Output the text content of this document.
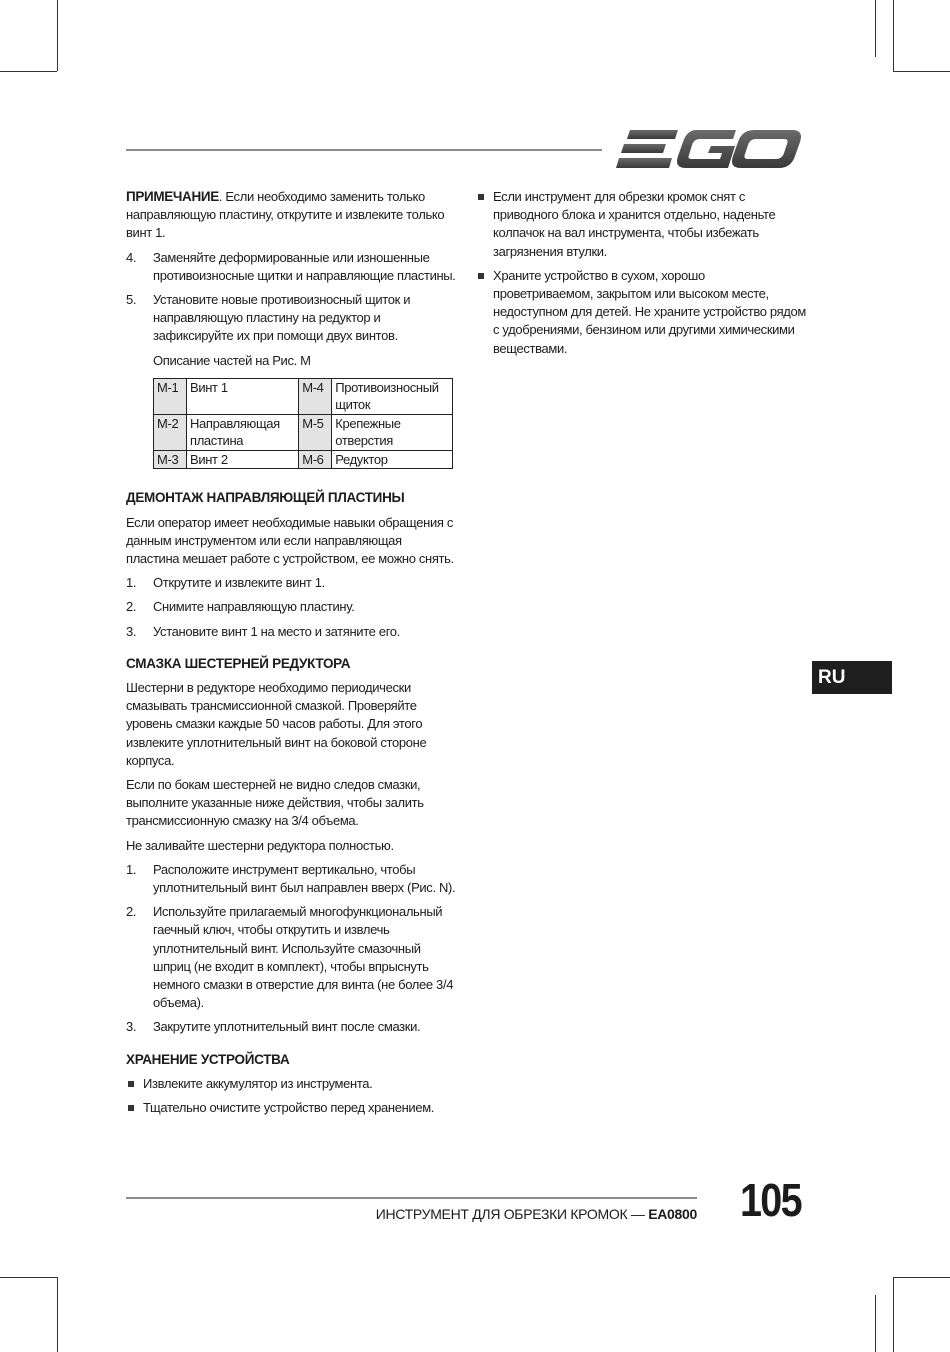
ПРИМЕЧАНИЕ. Если необходимо заменить только направляющую пластину, открутите и извлеките только винт 1.

4. Заменяйте деформированные или изношенные противоизносные щитки и направляющие пластины.
5. Установите новые противоизносный щиток и направляющую пластину на редуктор и зафиксируйте их при помощи двух винтов.
Описание частей на Рис. M
M-1	Винт 1	M-4	Противоизносный щиток
M-2	Направляющая пластина	M-5	Крепежные отверстия
M-3	Винт 2	M-6	Редуктор
ДЕМОНТАЖ НАПРАВЛЯЮЩЕЙ ПЛАСТИНЫ

Если оператор имеет необходимые навыки обращения с данным инструментом или если направляющая пластина мешает работе с устройством, ее можно снять.

1. Открутите и извлеките винт 1.
2. Снимите направляющую пластину.
3. Установите винт 1 на место и затяните его.
СМАЗКА ШЕСТЕРНЕЙ РЕДУКТОРА

Шестерни в редукторе необходимо периодически смазывать трансмиссионной смазкой. Проверяйте уровень смазки каждые 50 часов работы. Для этого извлеките уплотнительный винт на боковой стороне корпуса.

Если по бокам шестерней не видно следов смазки, выполните указанные ниже действия, чтобы залить трансмиссионную смазку на 3/4 объема.

Не заливайте шестерни редуктора полностью.

1. Расположите инструмент вертикально, чтобы уплотнительный винт был направлен вверх (Рис. N).
2. Используйте прилагаемый многофункциональный гаечный ключ, чтобы открутить и извлечь уплотнительный винт. Используйте смазочный шприц (не входит в комплект), чтобы впрыснуть немного смазки в отверстие для винта (не более 3/4 объема).
3. Закрутите уплотнительный винт после смазки.
ХРАНЕНИЕ УСТРОЙСТВА
Извлеките аккумулятор из инструмента.
Тщательно очистите устройство перед хранением.
Если инструмент для обрезки кромок снят с приводного блока и хранится отдельно, наденьте колпачок на вал инструмента, чтобы избежать загрязнения втулки.
Храните устройство в сухом, хорошо проветриваемом, закрытом или высоком месте, недоступном для детей. Не храните устройство рядом с удобрениями, бензином или другими химическими веществами.
RU
ИНСТРУМЕНТ ДЛЯ ОБРЕЗКИ КРОМОК — EA0800 105
